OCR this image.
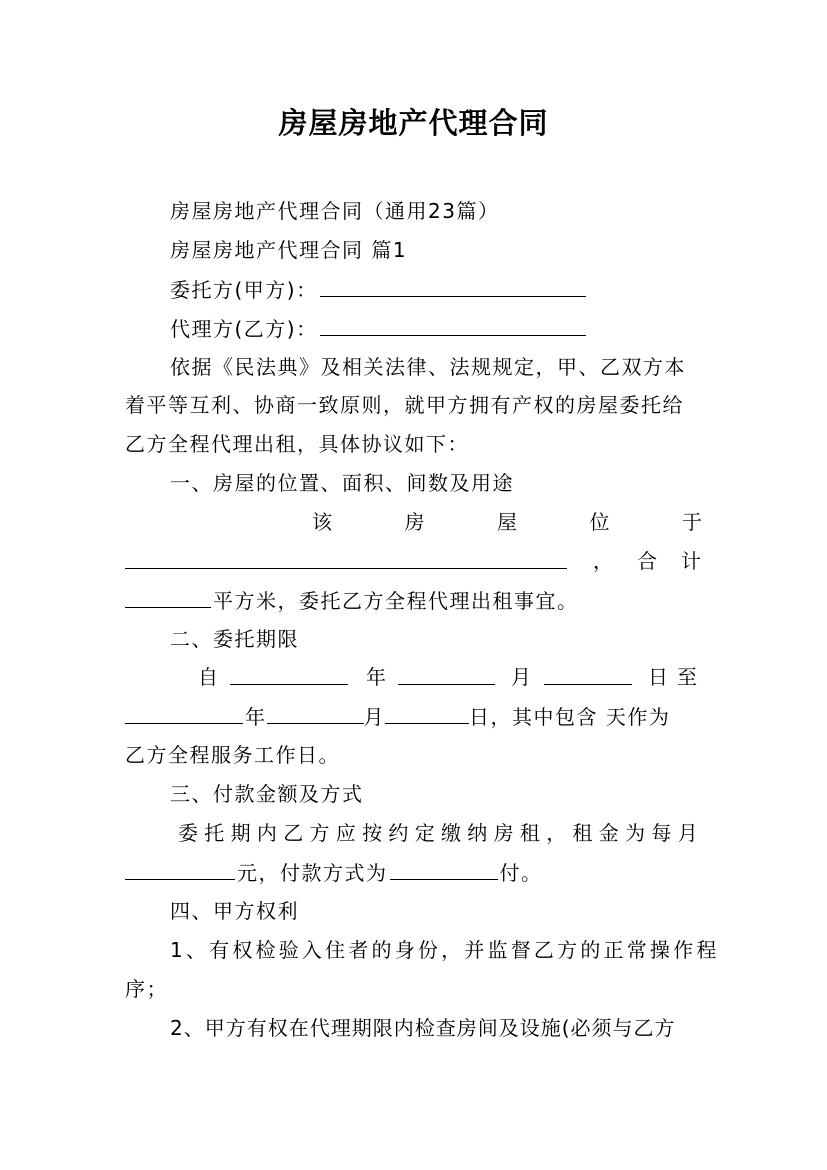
房屋房地产代理合同
房屋房地产代理合同（通用23篇）
房屋房地产代理合同 篇1
委托方(甲方)：
代理方(乙方)：
依据《民法典》及相关法律、法规规定，甲、乙双方本
着平等互利、协商一致原则，就甲方拥有产权的房屋委托给
乙方全程代理出租，具体协议如下：
一、房屋的位置、面积、间数及用途
该	房	屋	位	于
， 合 计
平方米，委托乙方全程代理出租事宜。
二、委托期限
自	年	月	日至
年	月	日，其中包含 天作为
乙方全程服务工作日。
三、付款金额及方式
委托期内乙方应按约定缴纳房租，租金为每月
元，付款方式为	付。
四、甲方权利
1、有权检验入住者的身份，并监督乙方的正常操作程
序；
2、甲方有权在代理期限内检查房间及设施(必须与乙方
